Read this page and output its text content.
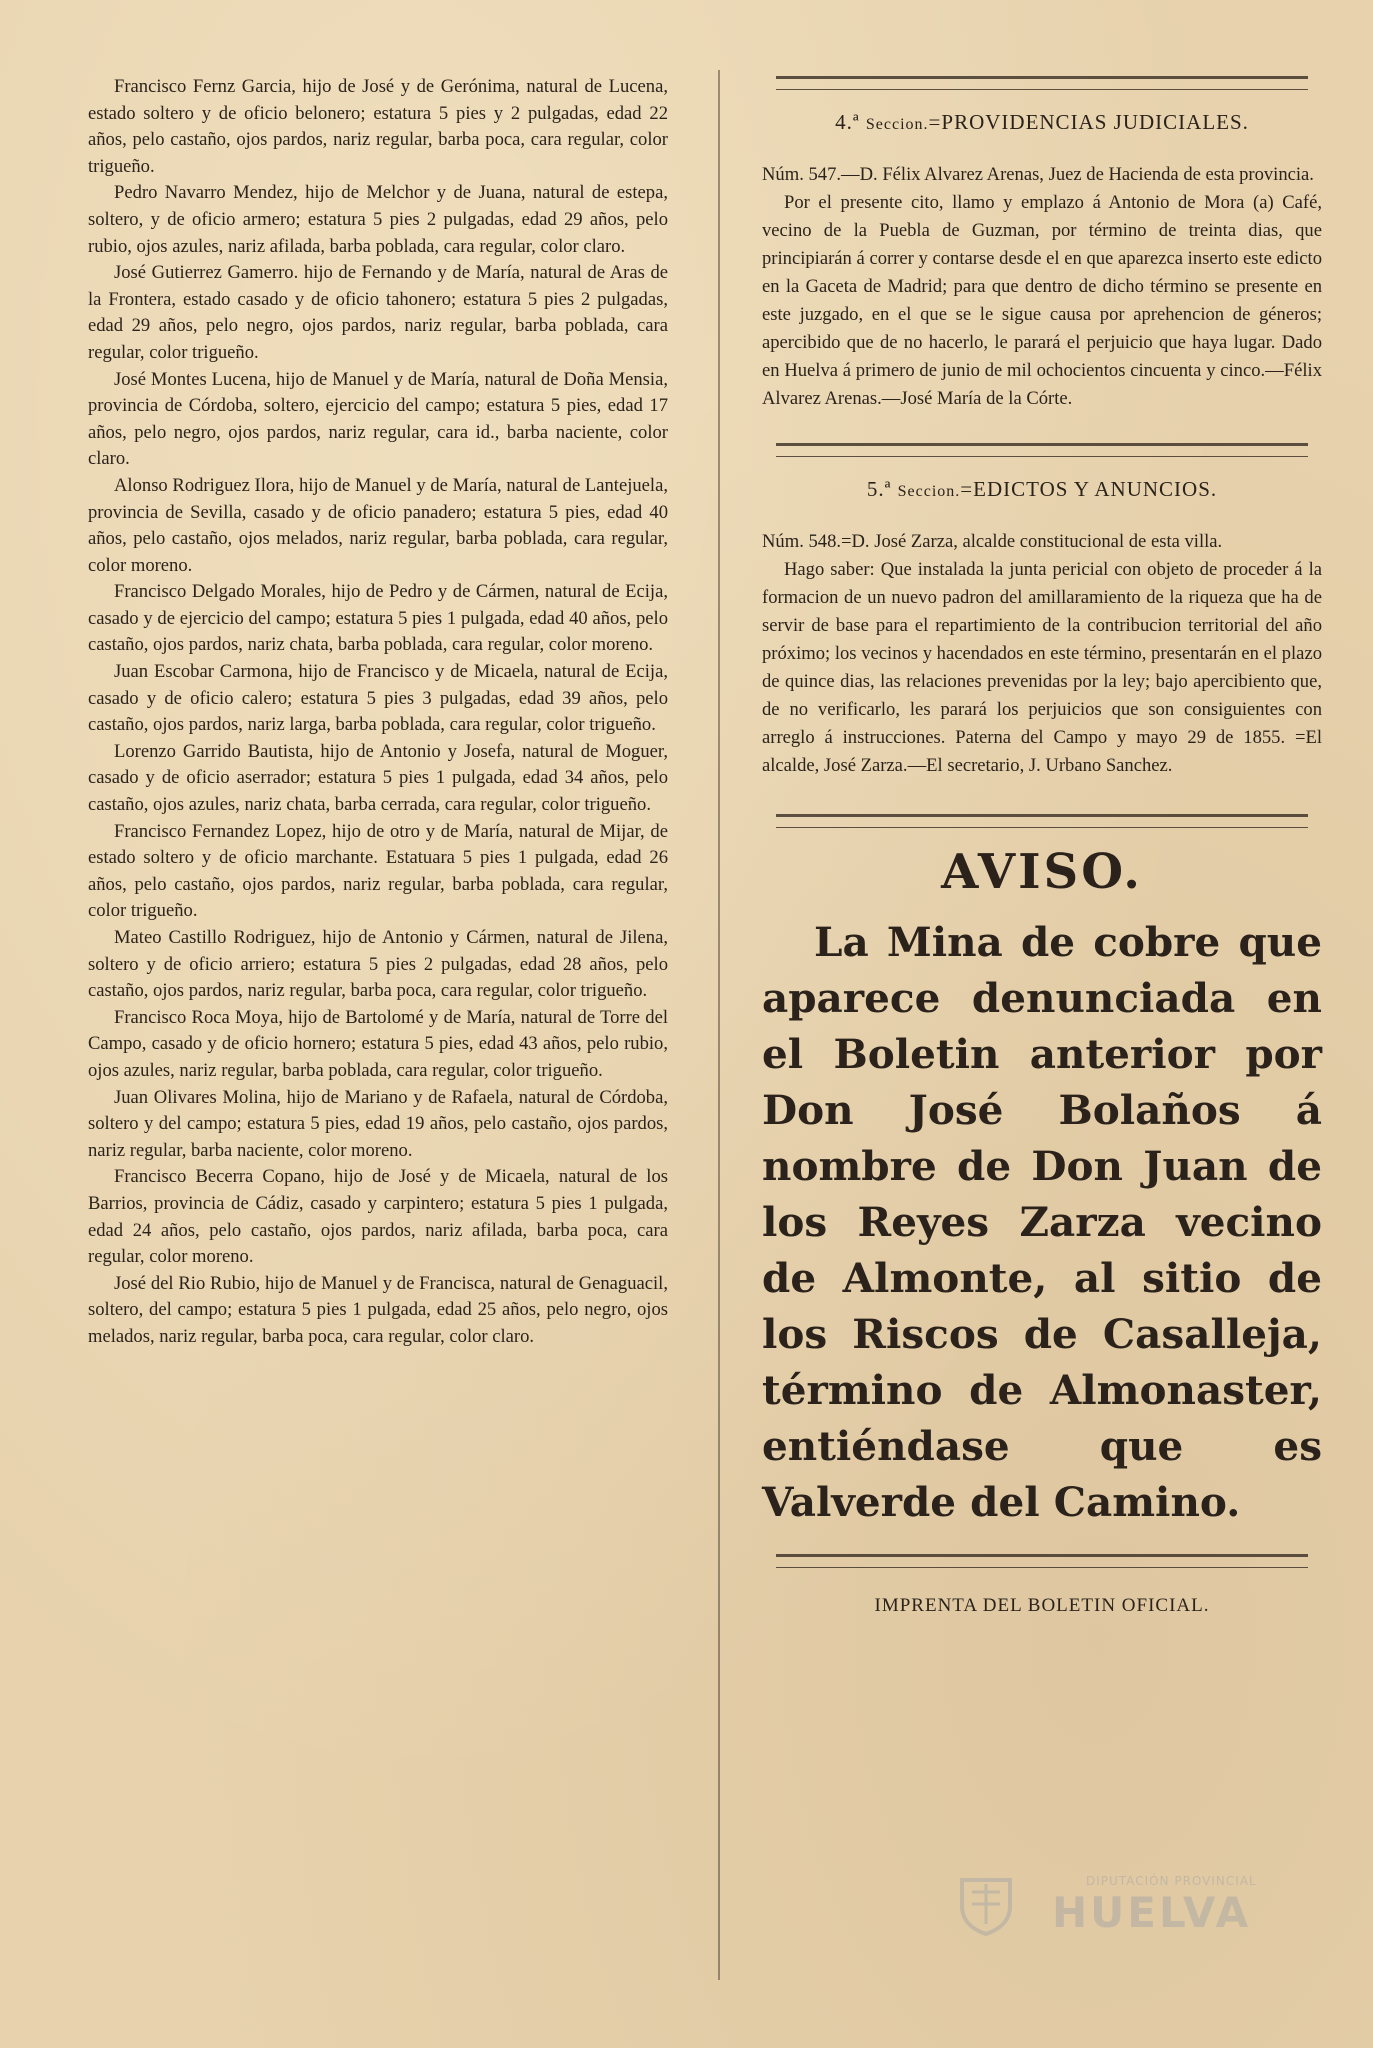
Francisco Fernz Garcia, hijo de José y de Gerónima, natural de Lucena, estado soltero y de oficio belonero; estatura 5 pies y 2 pulgadas, edad 22 años, pelo castaño, ojos pardos, nariz regular, barba poca, cara regular, color trigueño.

Pedro Navarro Mendez, hijo de Melchor y de Juana, natural de estepa, soltero, y de oficio armero; estatura 5 pies 2 pulgadas, edad 29 años, pelo rubio, ojos azules, nariz afilada, barba poblada, cara regular, color claro.

José Gutierrez Gamerro. hijo de Fernando y de María, natural de Aras de la Frontera, estado casado y de oficio tahonero; estatura 5 pies 2 pulgadas, edad 29 años, pelo negro, ojos pardos, nariz regular, barba poblada, cara regular, color trigueño.

José Montes Lucena, hijo de Manuel y de María, natural de Doña Mensia, provincia de Córdoba, soltero, ejercicio del campo; estatura 5 pies, edad 17 años, pelo negro, ojos pardos, nariz regular, cara id., barba naciente, color claro.

Alonso Rodriguez Ilora, hijo de Manuel y de María, natural de Lantejuela, provincia de Sevilla, casado y de oficio panadero; estatura 5 pies, edad 40 años, pelo castaño, ojos melados, nariz regular, barba poblada, cara regular, color moreno.

Francisco Delgado Morales, hijo de Pedro y de Cármen, natural de Ecija, casado y de ejercicio del campo; estatura 5 pies 1 pulgada, edad 40 años, pelo castaño, ojos pardos, nariz chata, barba poblada, cara regular, color moreno.

Juan Escobar Carmona, hijo de Francisco y de Micaela, natural de Ecija, casado y de oficio calero; estatura 5 pies 3 pulgadas, edad 39 años, pelo castaño, ojos pardos, nariz larga, barba poblada, cara regular, color trigueño.

Lorenzo Garrido Bautista, hijo de Antonio y Josefa, natural de Moguer, casado y de oficio aserrador; estatura 5 pies 1 pulgada, edad 34 años, pelo castaño, ojos azules, nariz chata, barba cerrada, cara regular, color trigueño.

Francisco Fernandez Lopez, hijo de otro y de María, natural de Mijar, de estado soltero y de oficio marchante. Estatuara 5 pies 1 pulgada, edad 26 años, pelo castaño, ojos pardos, nariz regular, barba poblada, cara regular, color trigueño.

Mateo Castillo Rodriguez, hijo de Antonio y Cármen, natural de Jilena, soltero y de oficio arriero; estatura 5 pies 2 pulgadas, edad 28 años, pelo castaño, ojos pardos, nariz regular, barba poca, cara regular, color trigueño.

Francisco Roca Moya, hijo de Bartolomé y de María, natural de Torre del Campo, casado y de oficio hornero; estatura 5 pies, edad 43 años, pelo rubio, ojos azules, nariz regular, barba poblada, cara regular, color trigueño.

Juan Olivares Molina, hijo de Mariano y de Rafaela, natural de Córdoba, soltero y del campo; estatura 5 pies, edad 19 años, pelo castaño, ojos pardos, nariz regular, barba naciente, color moreno.

Francisco Becerra Copano, hijo de José y de Micaela, natural de los Barrios, provincia de Cádiz, casado y carpintero; estatura 5 pies 1 pulgada, edad 24 años, pelo castaño, ojos pardos, nariz afilada, barba poca, cara regular, color moreno.

José del Rio Rubio, hijo de Manuel y de Francisca, natural de Genaguacil, soltero, del campo; estatura 5 pies 1 pulgada, edad 25 años, pelo negro, ojos melados, nariz regular, barba poca, cara regular, color claro.

4.ª Seccion.=PROVIDENCIAS JUDICIALES.

Núm. 547.—D. Félix Alvarez Arenas, Juez de Hacienda de esta provincia.

Por el presente cito, llamo y emplazo á Antonio de Mora (a) Café, vecino de la Puebla de Guzman, por término de treinta dias, que principiarán á correr y contarse desde el en que aparezca inserto este edicto en la Gaceta de Madrid; para que dentro de dicho término se presente en este juzgado, en el que se le sigue causa por aprehencion de géneros; apercibido que de no hacerlo, le parará el perjuicio que haya lugar. Dado en Huelva á primero de junio de mil ochocientos cincuenta y cinco.—Félix Alvarez Arenas.—José María de la Córte.

5.ª Seccion.=EDICTOS Y ANUNCIOS.

Núm. 548.=D. José Zarza, alcalde constitucional de esta villa.

Hago saber: Que instalada la junta pericial con objeto de proceder á la formacion de un nuevo padron del amillaramiento de la riqueza que ha de servir de base para el repartimiento de la contribucion territorial del año próximo; los vecinos y hacendados en este término, presentarán en el plazo de quince dias, las relaciones prevenidas por la ley; bajo apercibiento que, de no verificarlo, les parará los perjuicios que son consiguientes con arreglo á instrucciones. Paterna del Campo y mayo 29 de 1855. =El alcalde, José Zarza.—El secretario, J. Urbano Sanchez.

AVISO.

La Mina de cobre que aparece denunciada en el Boletin anterior por Don José Bolaños á nombre de Don Juan de los Reyes Zarza vecino de Almonte, al sitio de los Riscos de Casalleja, término de Almonaster, entiéndase que es Valverde del Camino.

IMPRENTA DEL BOLETIN OFICIAL.
DIPUTACIÓN PROVINCIAL
HUELVA
